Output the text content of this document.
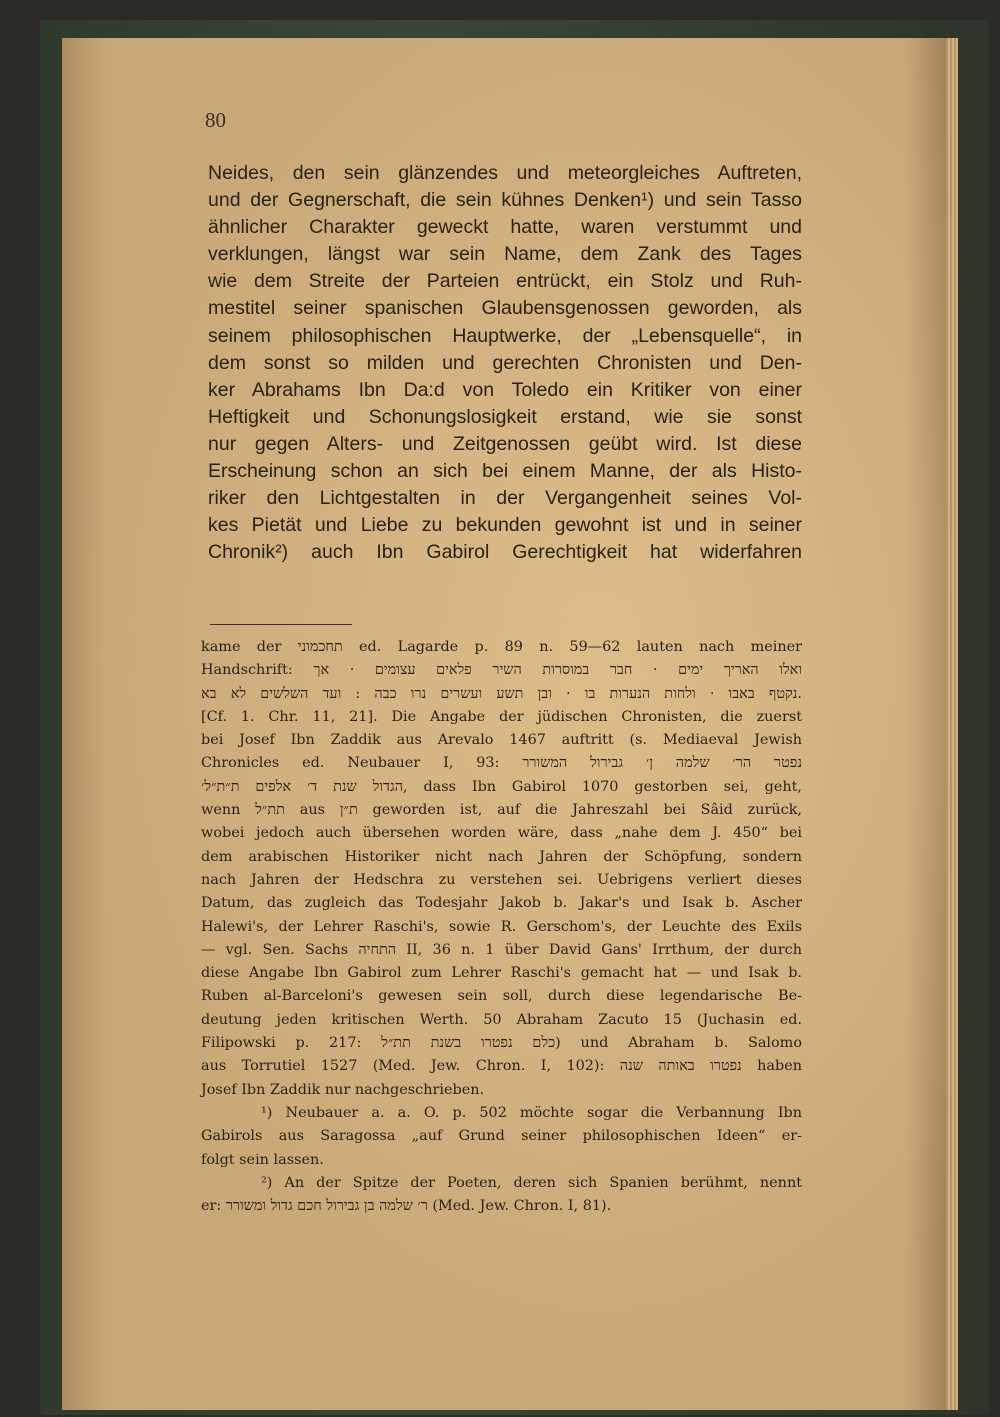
80
Neides, den sein glänzendes und meteorgleiches Auftreten,
und der Gegnerschaft, die sein kühnes Denken¹) und sein Tasso
ähnlicher Charakter geweckt hatte, waren verstummt und
verklungen, längst war sein Name, dem Zank des Tages
wie dem Streite der Parteien entrückt, ein Stolz und Ruh-
mestitel seiner spanischen Glaubensgenossen geworden, als
seinem philosophischen Hauptwerke, der „Lebensquelle“, in
dem sonst so milden und gerechten Chronisten und Den-
ker Abrahams Ibn Da:d von Toledo ein Kritiker von einer
Heftigkeit und Schonungslosigkeit erstand, wie sie sonst
nur gegen Alters- und Zeitgenossen geübt wird. Ist diese
Erscheinung schon an sich bei einem Manne, der als Histo-
riker den Lichtgestalten in der Vergangenheit seines Vol-
kes Pietät und Liebe zu bekunden gewohnt ist und in seiner
Chronik²) auch Ibn Gabirol Gerechtigkeit hat widerfahren
kame der תחכמוני ed. Lagarde p. 89 n. 59—62 lauten nach meiner
Handschrift: ואלו האריך ימים · חבר במוסרות השיר פלאים עצומים · אך
נקטף באבו · ולחות הנערות בו · ובן תשע ועשרים נרו כבה : ועד השלשים לא בא.
[Cf. 1. Chr. 11, 21]. Die Angabe der jüdischen Chronisten, die zuerst
bei Josef Ibn Zaddik aus Arevalo 1467 auftritt (s. Mediaeval Jewish
Chronicles ed. Neubauer I, 93: נפטר הר׳ שלמה ן׳ גבירול המשורר
הגדול שנת ד׳ אלפים ת״ת״ל׳, dass Ibn Gabirol 1070 gestorben sei, geht,
wenn תת״ל aus ת״ן geworden ist, auf die Jahreszahl bei Sâid zurück,
wobei jedoch auch übersehen worden wäre, dass „nahe dem J. 450“ bei
dem arabischen Historiker nicht nach Jahren der Schöpfung, sondern
nach Jahren der Hedschra zu verstehen sei. Uebrigens verliert dieses
Datum, das zugleich das Todesjahr Jakob b. Jakar's und Isak b. Ascher
Halewi's, der Lehrer Raschi's, sowie R. Gerschom's, der Leuchte des Exils
— vgl. Sen. Sachs התחיה II, 36 n. 1 über David Gans' Irrthum, der durch
diese Angabe Ibn Gabirol zum Lehrer Raschi's gemacht hat — und Isak b.
Ruben al-Barceloni's gewesen sein soll, durch diese legendarische Be-
deutung jeden kritischen Werth. 50 Abraham Zacuto 15 (Juchasin ed.
Filipowski p. 217: כלם נפטרו בשנת תת״ל) und Abraham b. Salomo
aus Torrutiel 1527 (Med. Jew. Chron. I, 102): נפטרו באותה שנה haben
Josef Ibn Zaddik nur nachgeschrieben.
¹) Neubauer a. a. O. p. 502 möchte sogar die Verbannung Ibn
Gabirols aus Saragossa „auf Grund seiner philosophischen Ideen“ er-
folgt sein lassen.
²) An der Spitze der Poeten, deren sich Spanien berühmt, nennt
er: ר׳ שלמה בן גבירול חכם גדול ומשורר (Med. Jew. Chron. I, 81).
